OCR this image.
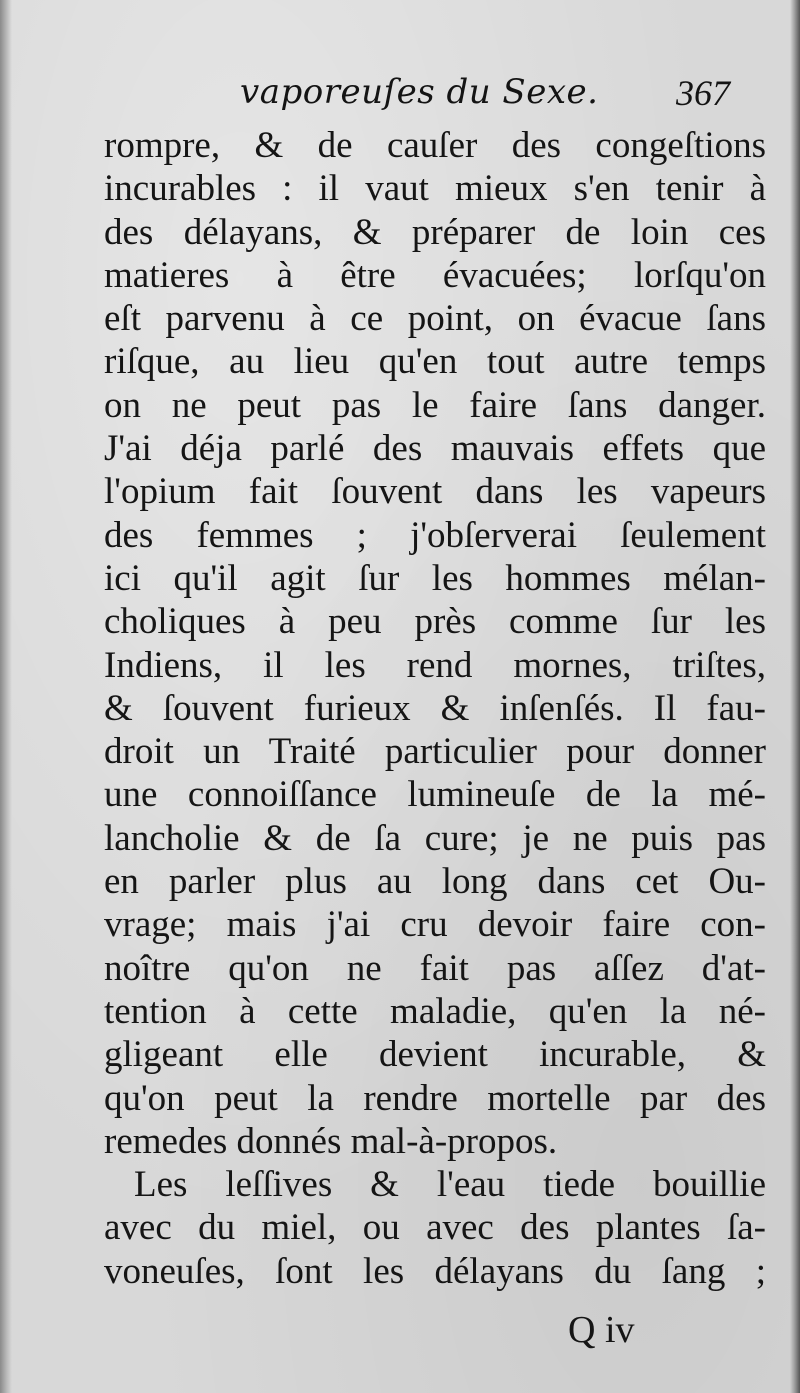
vaporeuſes du Sexe. 367
rompre, & de cauſer des congeſtions
incurables : il vaut mieux s'en tenir à
des délayans, & préparer de loin ces
matieres à être évacuées; lorſqu'on
eſt parvenu à ce point, on évacue ſans
riſque, au lieu qu'en tout autre temps
on ne peut pas le faire ſans danger.
J'ai déja parlé des mauvais effets que
l'opium fait ſouvent dans les vapeurs
des femmes ; j'obſerverai ſeulement
ici qu'il agit ſur les hommes mélan-
choliques à peu près comme ſur les
Indiens, il les rend mornes, triſtes,
& ſouvent furieux & inſenſés. Il fau-
droit un Traité particulier pour donner
une connoiſſance lumineuſe de la mé-
lancholie & de ſa cure; je ne puis pas
en parler plus au long dans cet Ou-
vrage; mais j'ai cru devoir faire con-
noître qu'on ne fait pas aſſez d'at-
tention à cette maladie, qu'en la né-
gligeant elle devient incurable, &
qu'on peut la rendre mortelle par des
remedes donnés mal-à-propos.
Les leſſives & l'eau tiede bouillie
avec du miel, ou avec des plantes ſa-
voneuſes, ſont les délayans du ſang ;
Q iv
